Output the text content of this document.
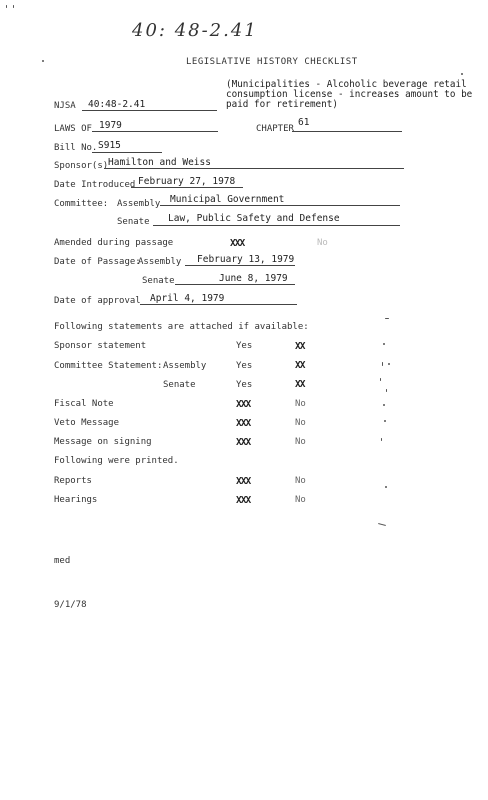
40: 48-2.41
LEGISLATIVE HISTORY CHECKLIST
(Municipalities - Alcoholic beverage retail consumption license - increases amount to be paid for retirement)
NJSA 40:48-2.41
LAWS OF 1979	CHAPTER
61
Bill No. S915
Sponsor(s) Hamilton and Weiss
Date Introduced February 27, 1978
Committee: Assembly Municipal Government
Senate Law, Public Safety and Defense
Amended during passage	XXX	No
Date of Passage:
Assembly February 13, 1979
Senate	June 8, 1979
Date of approval April 4, 1979
Following statements are attached if available:
Sponsor statement	Yes	XX
Committee Statement: Assembly	Yes	XX
Senate	Yes	XX
Fiscal Note	XXX	No
Veto Message	XXX	No
Message on signing	XXX	No
Following were printed.
Reports	XXX	No
Hearings	XXX	No
med
9/1/78
